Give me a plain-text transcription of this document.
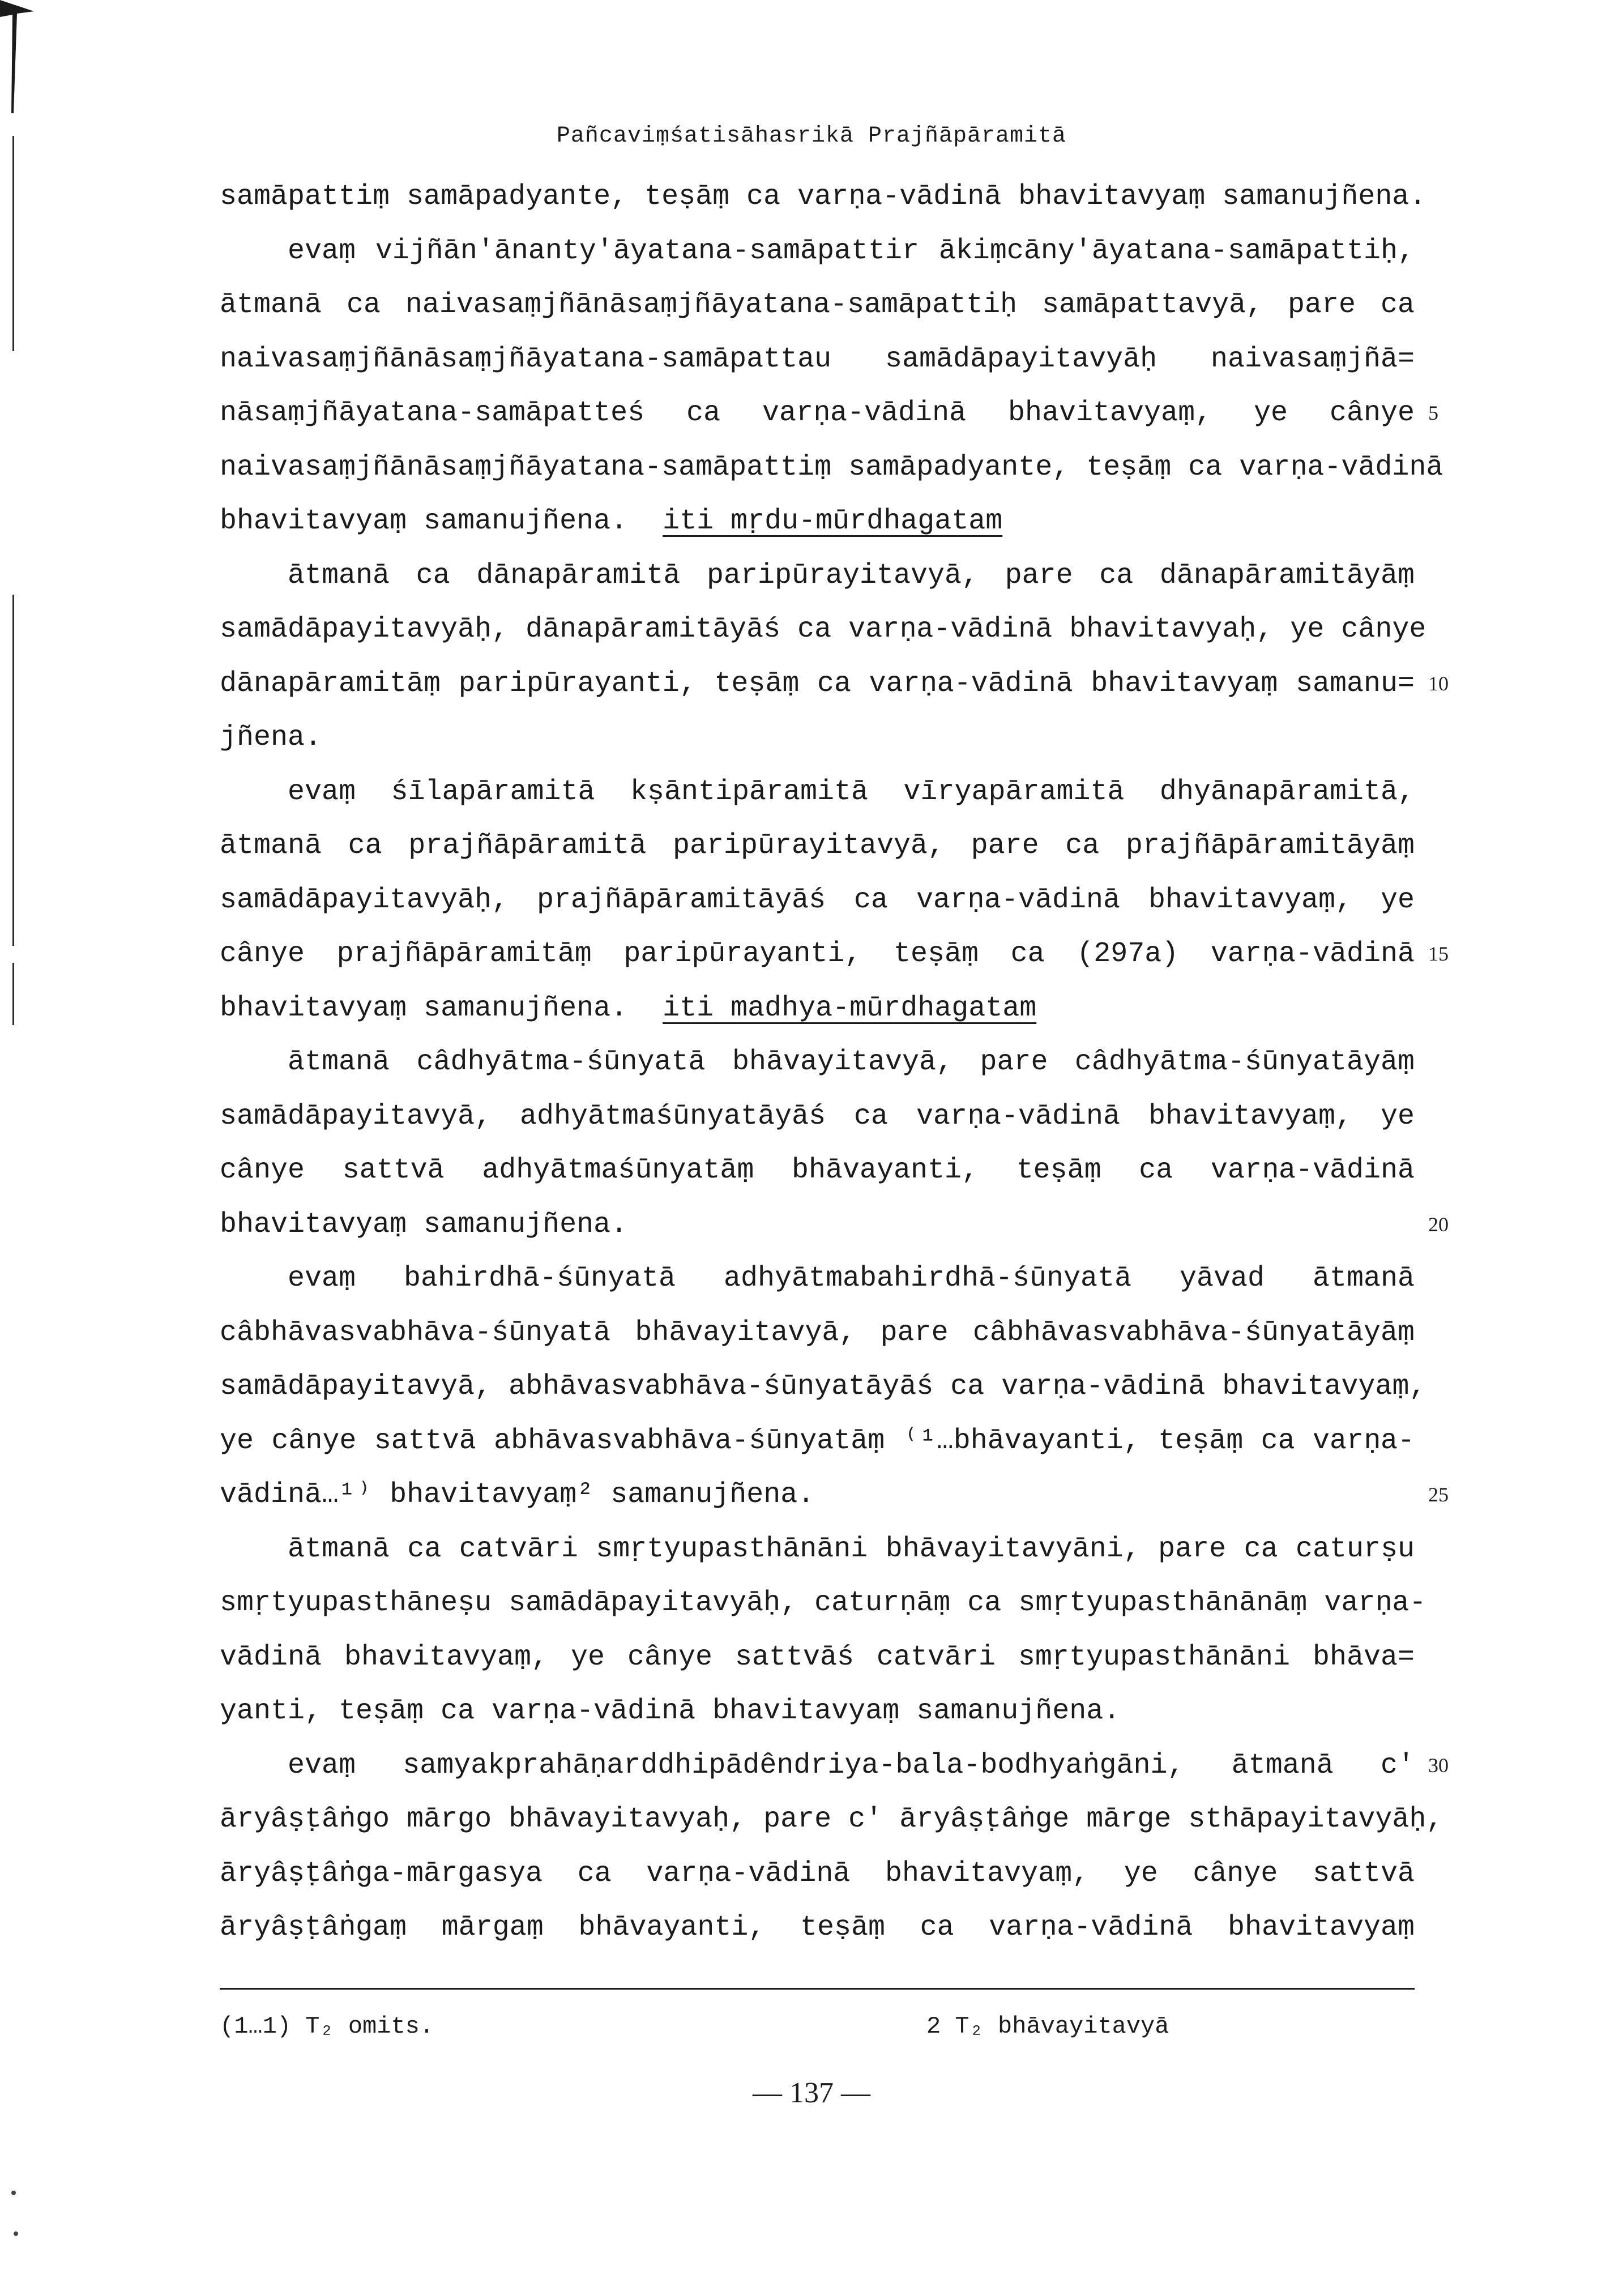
Pañcaviṃśatisāhasrikā Prajñāpāramitā
samāpattiṃ samāpadyante, teṣāṃ ca varṇa-vādinā bhavitavyaṃ samanujñena.
evaṃ vijñān'ānanty'āyatana-samāpattir ākiṃcāny'āyatana-samāpattiḥ,
ātmanā ca naivasaṃjñānāsaṃjñāyatana-samāpattiḥ samāpattavyā, pare ca
naivasaṃjñānāsaṃjñāyatana-samāpattau samādāpayitavyāḥ naivasaṃjñā=
nāsaṃjñāyatana-samāpatteś ca varṇa-vādinā bhavitavyaṃ, ye cânye 5
naivasaṃjñānāsaṃjñāyatana-samāpattiṃ samāpadyante, teṣāṃ ca varṇa-vādinā
bhavitavyaṃ samanujñena. iti mṛdu-mūrdhagatam
ātmanā ca dānapāramitā paripūrayitavyā, pare ca dānapāramitāyāṃ
samādāpayitavyāḥ, dānapāramitāyāś ca varṇa-vādinā bhavitavyaḥ, ye cânye
dānapāramitāṃ paripūrayanti, teṣāṃ ca varṇa-vādinā bhavitavyaṃ samanu= 10
jñena.
evaṃ śīlapāramitā kṣāntipāramitā vīryapāramitā dhyānapāramitā,
ātmanā ca prajñāpāramitā paripūrayitavyā, pare ca prajñāpāramitāyāṃ
samādāpayitavyāḥ, prajñāpāramitāyāś ca varṇa-vādinā bhavitavyaṃ, ye
cânye prajñāpāramitāṃ paripūrayanti, teṣāṃ ca (297a) varṇa-vādinā 15
bhavitavyaṃ samanujñena. iti madhya-mūrdhagatam
ātmanā câdhyātma-śūnyatā bhāvayitavyā, pare câdhyātma-śūnyatāyāṃ
samādāpayitavyā, adhyātmaśūnyatāyāś ca varṇa-vādinā bhavitavyaṃ, ye
cânye sattvā adhyātmaśūnyatāṃ bhāvayanti, teṣāṃ ca varṇa-vādinā
bhavitavyaṃ samanujñena.	20
evaṃ bahirdhā-śūnyatā adhyātmabahirdhā-śūnyatā yāvad ātmanā
câbhāvasvabhāva-śūnyatā bhāvayitavyā, pare câbhāvasvabhāva-śūnyatāyāṃ
samādāpayitavyā, abhāvasvabhāva-śūnyatāyāś ca varṇa-vādinā bhavitavyaṃ,
ye cânye sattvā abhāvasvabhāva-śūnyatāṃ ⁽¹…bhāvayanti, teṣāṃ ca varṇa-
vādinā…¹⁾ bhavitavyaṃ² samanujñena.	25
ātmanā ca catvāri smṛtyupasthānāni bhāvayitavyāni, pare ca caturṣu
smṛtyupasthāneṣu samādāpayitavyāḥ, caturṇāṃ ca smṛtyupasthānānāṃ varṇa-
vādinā bhavitavyaṃ, ye cânye sattvāś catvāri smṛtyupasthānāni bhāva=
yanti, teṣāṃ ca varṇa-vādinā bhavitavyaṃ samanujñena.
evaṃ samyakprahāṇarddhipādêndriya-bala-bodhyaṅgāni, ātmanā c' 30
āryâṣṭâṅgo mārgo bhāvayitavyaḥ, pare c' āryâṣṭâṅge mārge sthāpayitavyāḥ,
āryâṣṭâṅga-mārgasya ca varṇa-vādinā bhavitavyaṃ, ye cânye sattvā
āryâṣṭâṅgaṃ mārgaṃ bhāvayanti, teṣāṃ ca varṇa-vādinā bhavitavyaṃ
(1…1) T₂ omits.	2 T₂ bhāvayitavyā
— 137 —
